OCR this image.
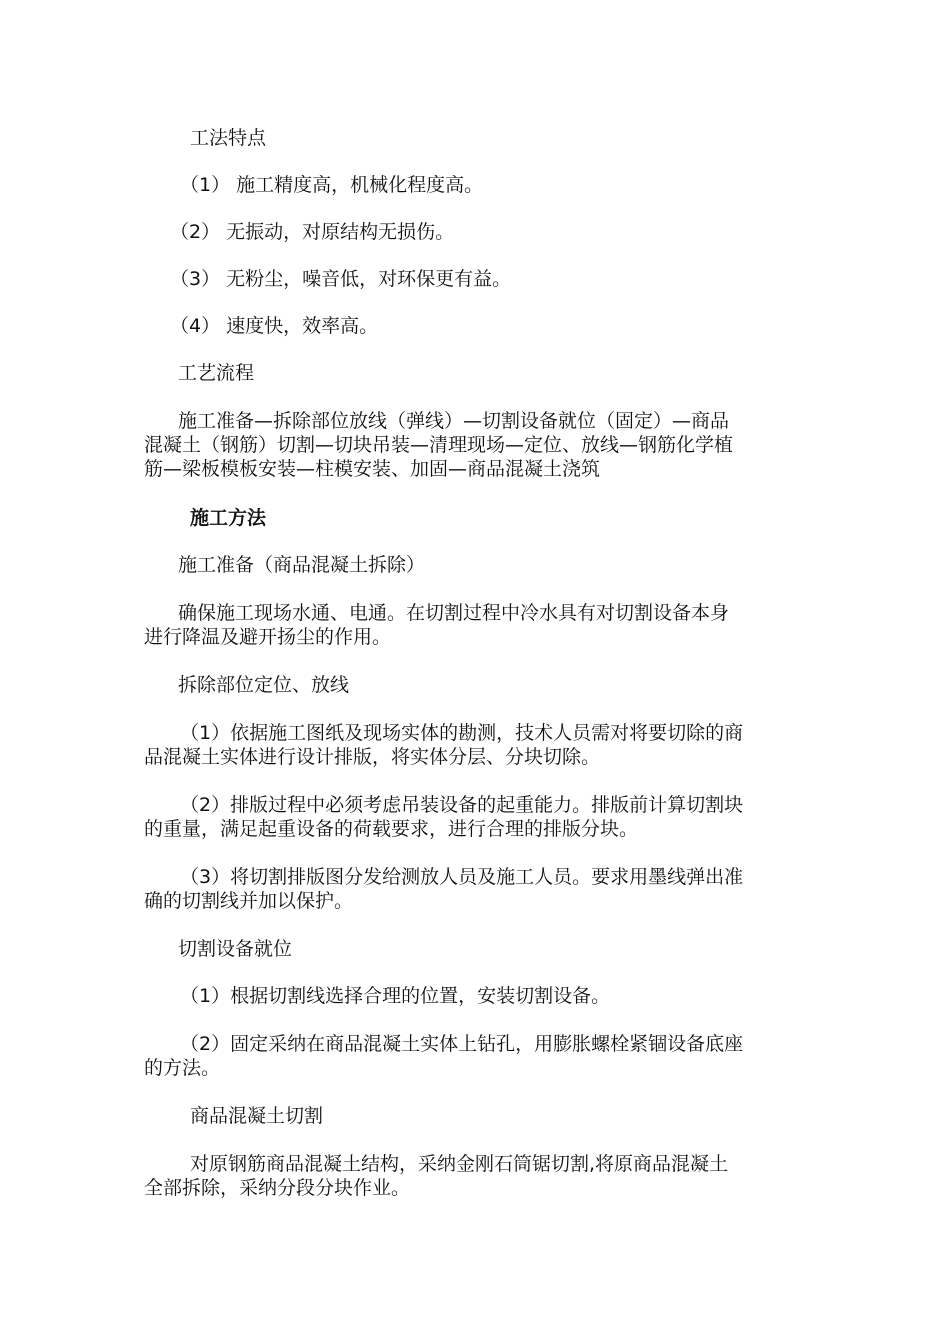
工法特点

（1） 施工精度高，机械化程度高。

（2） 无振动，对原结构无损伤。

（3） 无粉尘，噪音低，对环保更有益。

（4） 速度快，效率高。

工艺流程

施工准备—拆除部位放线（弹线）—切割设备就位（固定）—商品
混凝土（钢筋）切割—切块吊装—清理现场—定位、放线—钢筋化学植
筋—梁板模板安装—柱模安装、加固—商品混凝土浇筑

施工方法

施工准备（商品混凝土拆除）

确保施工现场水通、电通。在切割过程中冷水具有对切割设备本身
进行降温及避开扬尘的作用。

拆除部位定位、放线

（1）依据施工图纸及现场实体的勘测，技术人员需对将要切除的商
品混凝土实体进行设计排版，将实体分层、分块切除。
（2）排版过程中必须考虑吊装设备的起重能力。排版前计算切割块
的重量，满足起重设备的荷载要求，进行合理的排版分块。
（3）将切割排版图分发给测放人员及施工人员。要求用墨线弹出准
确的切割线并加以保护。

切割设备就位

（1）根据切割线选择合理的位置，安装切割设备。

（2）固定采纳在商品混凝土实体上钻孔，用膨胀螺栓紧锢设备底座
的方法。

商品混凝土切割

对原钢筋商品混凝土结构，采纳金刚石筒锯切割,将原商品混凝土
全部拆除，采纳分段分块作业。
